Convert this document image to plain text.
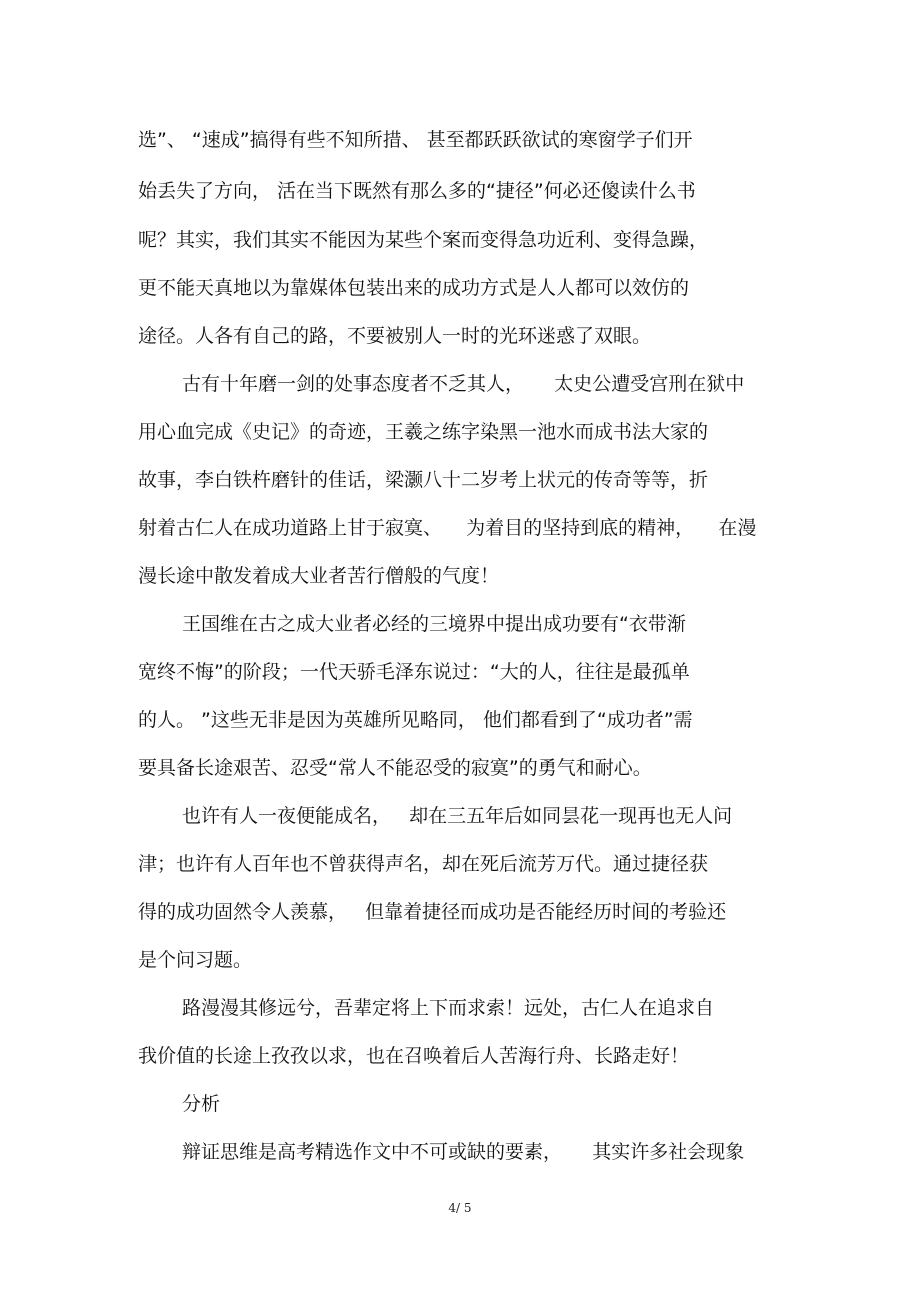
选”、 “速成”搞得有些不知所措、 甚至都跃跃欲试的寒窗学子们开
始丢失了方向， 活在当下既然有那么多的“捷径”何必还傻读什么书
呢？其实，我们其实不能因为某些个案而变得急功近利、变得急躁，
更不能天真地以为靠媒体包装出来的成功方式是人人都可以效仿的
途径。人各有自己的路，不要被别人一时的光环迷惑了双眼。
古有十年磨一剑的处事态度者不乏其人，     太史公遭受宫刑在狱中
用心血完成《史记》的奇迹，王羲之练字染黑一池水而成书法大家的
故事，李白铁杵磨针的佳话，梁灏八十二岁考上状元的传奇等等，折
射着古仁人在成功道路上甘于寂寞、    为着目的坚持到底的精神，    在漫
漫长途中散发着成大业者苦行僧般的气度！
王国维在古之成大业者必经的三境界中提出成功要有“衣带渐
宽终不悔”的阶段；一代天骄毛泽东说过：“大的人，往往是最孤单
的人。 ”这些无非是因为英雄所见略同， 他们都看到了“成功者”需
要具备长途艰苦、忍受“常人不能忍受的寂寞”的勇气和耐心。
也许有人一夜便能成名，   却在三五年后如同昙花一现再也无人问
津；也许有人百年也不曾获得声名，却在死后流芳万代。通过捷径获
得的成功固然令人羡慕，   但靠着捷径而成功是否能经历时间的考验还
是个问习题。
路漫漫其修远兮，吾辈定将上下而求索！远处，古仁人在追求自
我价值的长途上孜孜以求，也在召唤着后人苦海行舟、长路走好！
分析
辩证思维是高考精选作文中不可或缺的要素，     其实许多社会现象
4/ 5
